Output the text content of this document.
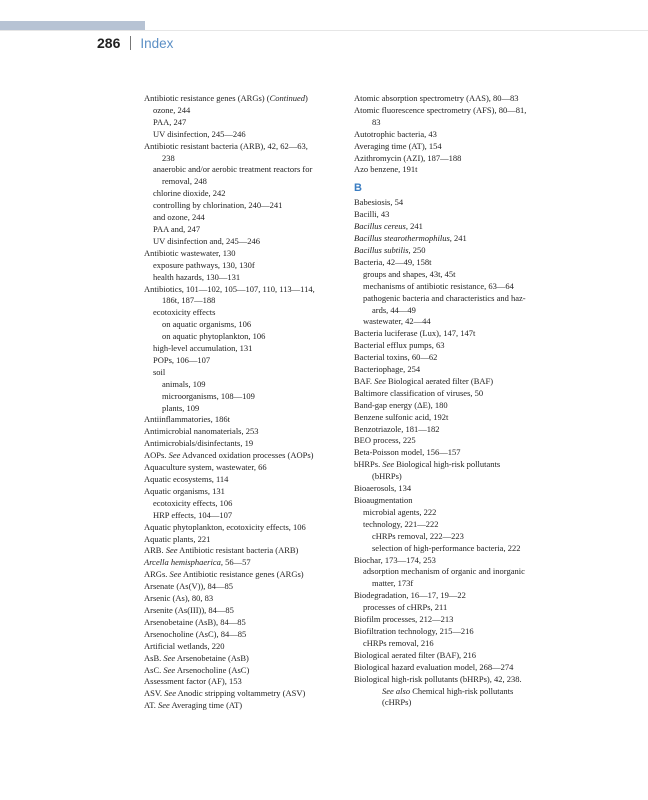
286 Index
Antibiotic resistance genes (ARGs) (Continued)
ozone, 244
PAA, 247
UV disinfection, 245—246
Antibiotic resistant bacteria (ARB), 42, 62—63,
238
anaerobic and/or aerobic treatment reactors for
removal, 248
chlorine dioxide, 242
controlling by chlorination, 240—241
and ozone, 244
PAA and, 247
UV disinfection and, 245—246
Antibiotic wastewater, 130
exposure pathways, 130, 130f
health hazards, 130—131
Antibiotics, 101—102, 105—107, 110, 113—114,
186t, 187—188
ecotoxicity effects
on aquatic organisms, 106
on aquatic phytoplankton, 106
high-level accumulation, 131
POPs, 106—107
soil
animals, 109
microorganisms, 108—109
plants, 109
Antiinflammatories, 186t
Antimicrobial nanomaterials, 253
Antimicrobials/disinfectants, 19
AOPs. See Advanced oxidation processes (AOPs)
Aquaculture system, wastewater, 66
Aquatic ecosystems, 114
Aquatic organisms, 131
ecotoxicity effects, 106
HRP effects, 104—107
Aquatic phytoplankton, ecotoxicity effects, 106
Aquatic plants, 221
ARB. See Antibiotic resistant bacteria (ARB)
Arcella hemisphaerica, 56—57
ARGs. See Antibiotic resistance genes (ARGs)
Arsenate (As(V)), 84—85
Arsenic (As), 80, 83
Arsenite (As(III)), 84—85
Arsenobetaine (AsB), 84—85
Arsenocholine (AsC), 84—85
Artificial wetlands, 220
AsB. See Arsenobetaine (AsB)
AsC. See Arsenocholine (AsC)
Assessment factor (AF), 153
ASV. See Anodic stripping voltammetry (ASV)
AT. See Averaging time (AT)
Atomic absorption spectrometry (AAS), 80—83
Atomic fluorescence spectrometry (AFS), 80—81,
83
Autotrophic bacteria, 43
Averaging time (AT), 154
Azithromycin (AZI), 187—188
Azo benzene, 191t
B
Babesiosis, 54
Bacilli, 43
Bacillus cereus, 241
Bacillus stearothermophilus, 241
Bacillus subtilis, 250
Bacteria, 42—49, 158t
groups and shapes, 43t, 45t
mechanisms of antibiotic resistance, 63—64
pathogenic bacteria and characteristics and haz-
ards, 44—49
wastewater, 42—44
Bacteria luciferase (Lux), 147, 147t
Bacterial efflux pumps, 63
Bacterial toxins, 60—62
Bacteriophage, 254
BAF. See Biological aerated filter (BAF)
Baltimore classification of viruses, 50
Band-gap energy (ΔE), 180
Benzene sulfonic acid, 192t
Benzotriazole, 181—182
BEO process, 225
Beta-Poisson model, 156—157
bHRPs. See Biological high-risk pollutants
(bHRPs)
Bioaerosols, 134
Bioaugmentation
microbial agents, 222
technology, 221—222
cHRPs removal, 222—223
selection of high-performance bacteria, 222
Biochar, 173—174, 253
adsorption mechanism of organic and inorganic
matter, 173f
Biodegradation, 16—17, 19—22
processes of cHRPs, 211
Biofilm processes, 212—213
Biofiltration technology, 215—216
cHRPs removal, 216
Biological aerated filter (BAF), 216
Biological hazard evaluation model, 268—274
Biological high-risk pollutants (bHRPs), 42, 238.
See also Chemical high-risk pollutants
(cHRPs)
